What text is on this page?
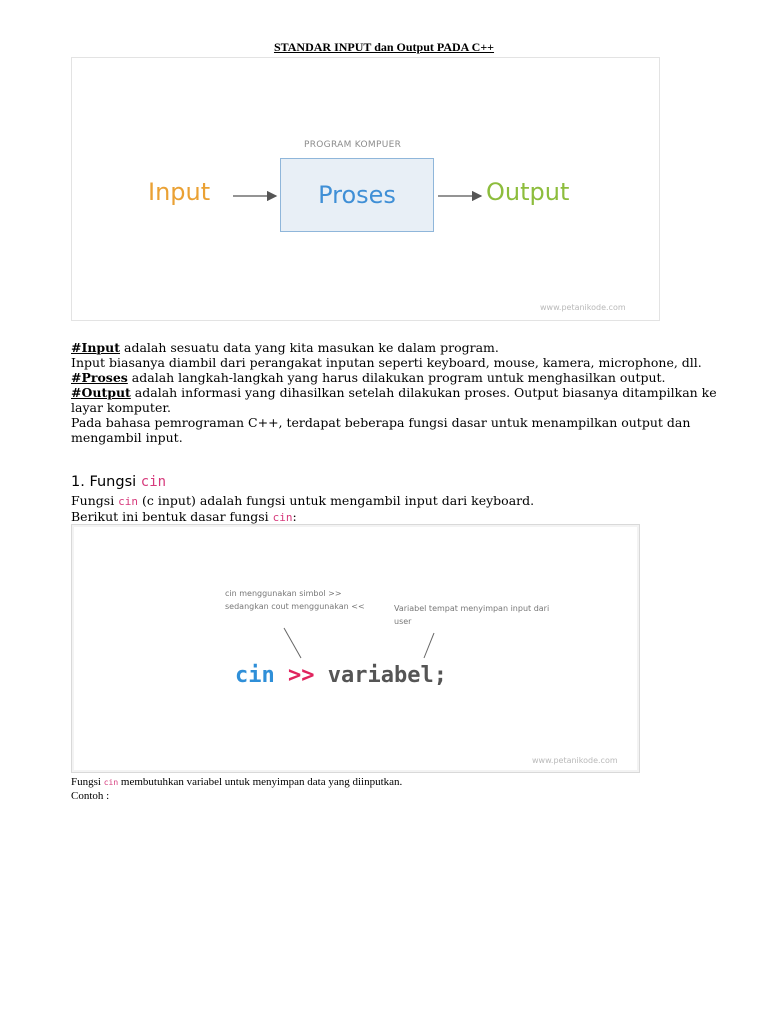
STANDAR INPUT dan Output PADA C++
PROGRAM KOMPUER
Input	Proses	Output
www.petanikode.com
#Input adalah sesuatu data yang kita masukan ke dalam program.
Input biasanya diambil dari perangakat inputan seperti keyboard, mouse, kamera, microphone, dll.
#Proses adalah langkah-langkah yang harus dilakukan program untuk menghasilkan output.
#Output adalah informasi yang dihasilkan setelah dilakukan proses. Output biasanya ditampilkan ke layar komputer.
Pada bahasa pemrograman C++, terdapat beberapa fungsi dasar untuk menampilkan output dan mengambil input.
1. Fungsi cin
Fungsi cin (c input) adalah fungsi untuk mengambil input dari keyboard.
Berikut ini bentuk dasar fungsi cin:
cin menggunakan simbol >> sedangkan cout menggunakan <<	Variabel tempat menyimpan input dari user
cin >> variabel;
www.petanikode.com
Fungsi cin membutuhkan variabel untuk menyimpan data yang diinputkan.
Contoh :
